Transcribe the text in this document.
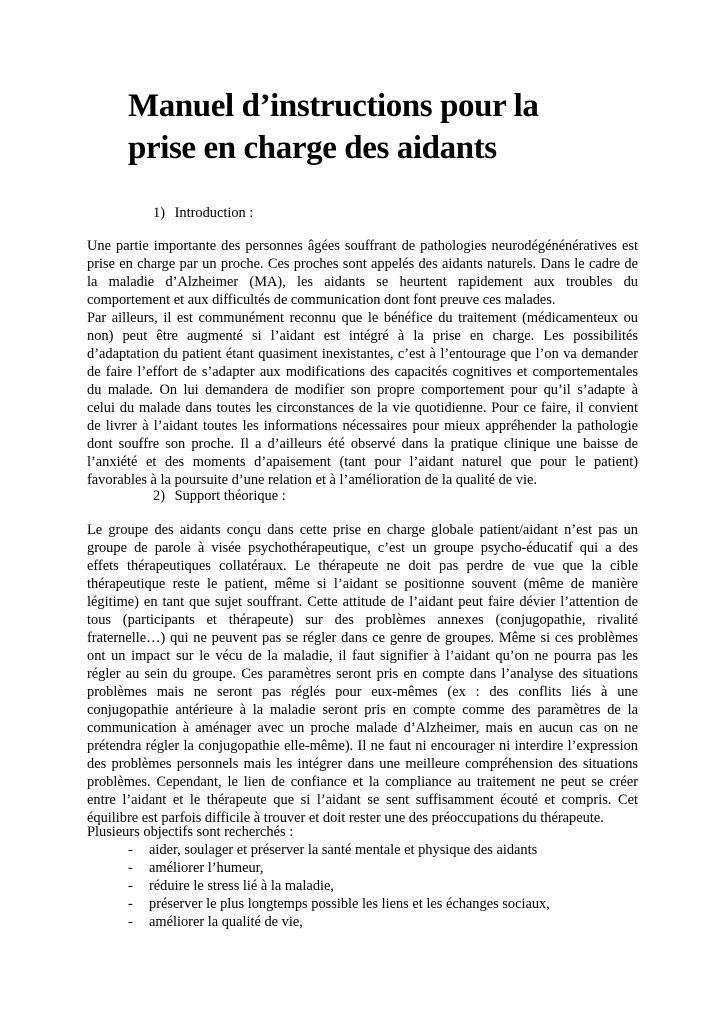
Manuel d’instructions pour la
prise en charge des aidants

1) Introduction :

Une partie importante des personnes âgées souffrant de pathologies neurodégénénératives est
prise en charge par un proche. Ces proches sont appelés des aidants naturels. Dans le cadre de
la maladie d’Alzheimer (MA), les aidants se heurtent rapidement aux troubles du
comportement et aux difficultés de communication dont font preuve ces malades.
Par ailleurs, il est communément reconnu que le bénéfice du traitement (médicamenteux ou
non) peut être augmenté si l’aidant est intégré à la prise en charge. Les possibilités
d’adaptation du patient étant quasiment inexistantes, c’est à l’entourage que l’on va demander
de faire l’effort de s’adapter aux modifications des capacités cognitives et comportementales
du malade. On lui demandera de modifier son propre comportement pour qu’il s’adapte à
celui du malade dans toutes les circonstances de la vie quotidienne. Pour ce faire, il convient
de livrer à l’aidant toutes les informations nécessaires pour mieux appréhender la pathologie
dont souffre son proche. Il a d’ailleurs été observé dans la pratique clinique une baisse de
l’anxiété et des moments d’apaisement (tant pour l’aidant naturel que pour le patient)
favorables à la poursuite d’une relation et à l’amélioration de la qualité de vie.

2) Support théorique :

Le groupe des aidants conçu dans cette prise en charge globale patient/aidant n’est pas un
groupe de parole à visée psychothérapeutique, c’est un groupe psycho-éducatif qui a des
effets thérapeutiques collatéraux. Le thérapeute ne doit pas perdre de vue que la cible
thérapeutique reste le patient, même si l’aidant se positionne souvent (même de manière
légitime) en tant que sujet souffrant. Cette attitude de l’aidant peut faire dévier l’attention de
tous (participants et thérapeute) sur des problèmes annexes (conjugopathie, rivalité
fraternelle…) qui ne peuvent pas se régler dans ce genre de groupes. Même si ces problèmes
ont un impact sur le vécu de la maladie, il faut signifier à l’aidant qu’on ne pourra pas les
régler au sein du groupe. Ces paramètres seront pris en compte dans l’analyse des situations
problèmes mais ne seront pas réglés pour eux-mêmes (ex : des conflits liés à une
conjugopathie antérieure à la maladie seront pris en compte comme des paramètres de la
communication à aménager avec un proche malade d’Alzheimer, mais en aucun cas on ne
prétendra régler la conjugopathie elle-même). Il ne faut ni encourager ni interdire l’expression
des problèmes personnels mais les intégrer dans une meilleure compréhension des situations
problèmes. Cependant, le lien de confiance et la compliance au traitement ne peut se créer
entre l’aidant et le thérapeute que si l’aidant se sent suffisamment écouté et compris. Cet
équilibre est parfois difficile à trouver et doit rester une des préoccupations du thérapeute.
Plusieurs objectifs sont recherchés :
- aider, soulager et préserver la santé mentale et physique des aidants
- améliorer l’humeur,
- réduire le stress lié à la maladie,
- préserver le plus longtemps possible les liens et les échanges sociaux,
- améliorer la qualité de vie,
